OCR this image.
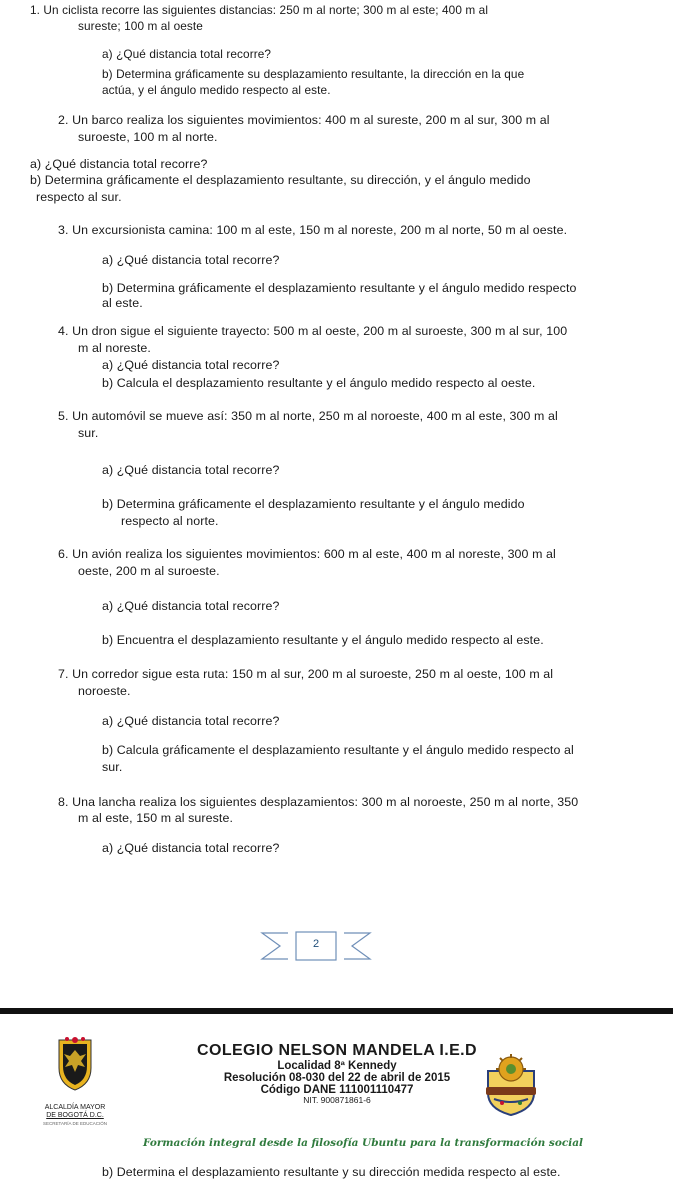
1. Un ciclista recorre las siguientes distancias: 250 m al norte; 300 m al este; 400 m al
sureste; 100 m al oeste
a) ¿Qué distancia total recorre?
b) Determina gráficamente su desplazamiento resultante, la dirección en la que
actúa, y el ángulo medido respecto al este.
2. Un barco realiza los siguientes movimientos: 400 m al sureste, 200 m al sur, 300 m al
suroeste, 100 m al norte.
a) ¿Qué distancia total recorre?
b) Determina gráficamente el desplazamiento resultante, su dirección, y el ángulo medido
respecto al sur.
3. Un excursionista camina: 100 m al este, 150 m al noreste, 200 m al norte, 50 m al oeste.
a) ¿Qué distancia total recorre?
b) Determina gráficamente el desplazamiento resultante y el ángulo medido respecto
al este.
4. Un dron sigue el siguiente trayecto: 500 m al oeste, 200 m al suroeste, 300 m al sur, 100
m al noreste.
a) ¿Qué distancia total recorre?
b) Calcula el desplazamiento resultante y el ángulo medido respecto al oeste.
5. Un automóvil se mueve así: 350 m al norte, 250 m al noroeste, 400 m al este, 300 m al
sur.
a) ¿Qué distancia total recorre?
b) Determina gráficamente el desplazamiento resultante y el ángulo medido
respecto al norte.
6. Un avión realiza los siguientes movimientos: 600 m al este, 400 m al noreste, 300 m al
oeste, 200 m al suroeste.
a) ¿Qué distancia total recorre?
b) Encuentra el desplazamiento resultante y el ángulo medido respecto al este.
7. Un corredor sigue esta ruta: 150 m al sur, 200 m al suroeste, 250 m al oeste, 100 m al
noroeste.
a) ¿Qué distancia total recorre?
b) Calcula gráficamente el desplazamiento resultante y el ángulo medido respecto al
sur.
8. Una lancha realiza los siguientes desplazamientos: 300 m al noroeste, 250 m al norte, 350
m al este, 150 m al sureste.
a) ¿Qué distancia total recorre?
2
ALCALDÍA MAYOR
DE BOGOTÁ D.C.
SECRETARÍA DE EDUCACIÓN
COLEGIO NELSON MANDELA I.E.D
Localidad 8ª Kennedy
Resolución 08-030 del 22 de abril de 2015
Código DANE 111001110477
NIT. 900871861-6
Formación integral desde la filosofía Ubuntu para la transformación social
b) Determina el desplazamiento resultante y su dirección medida respecto al este.
